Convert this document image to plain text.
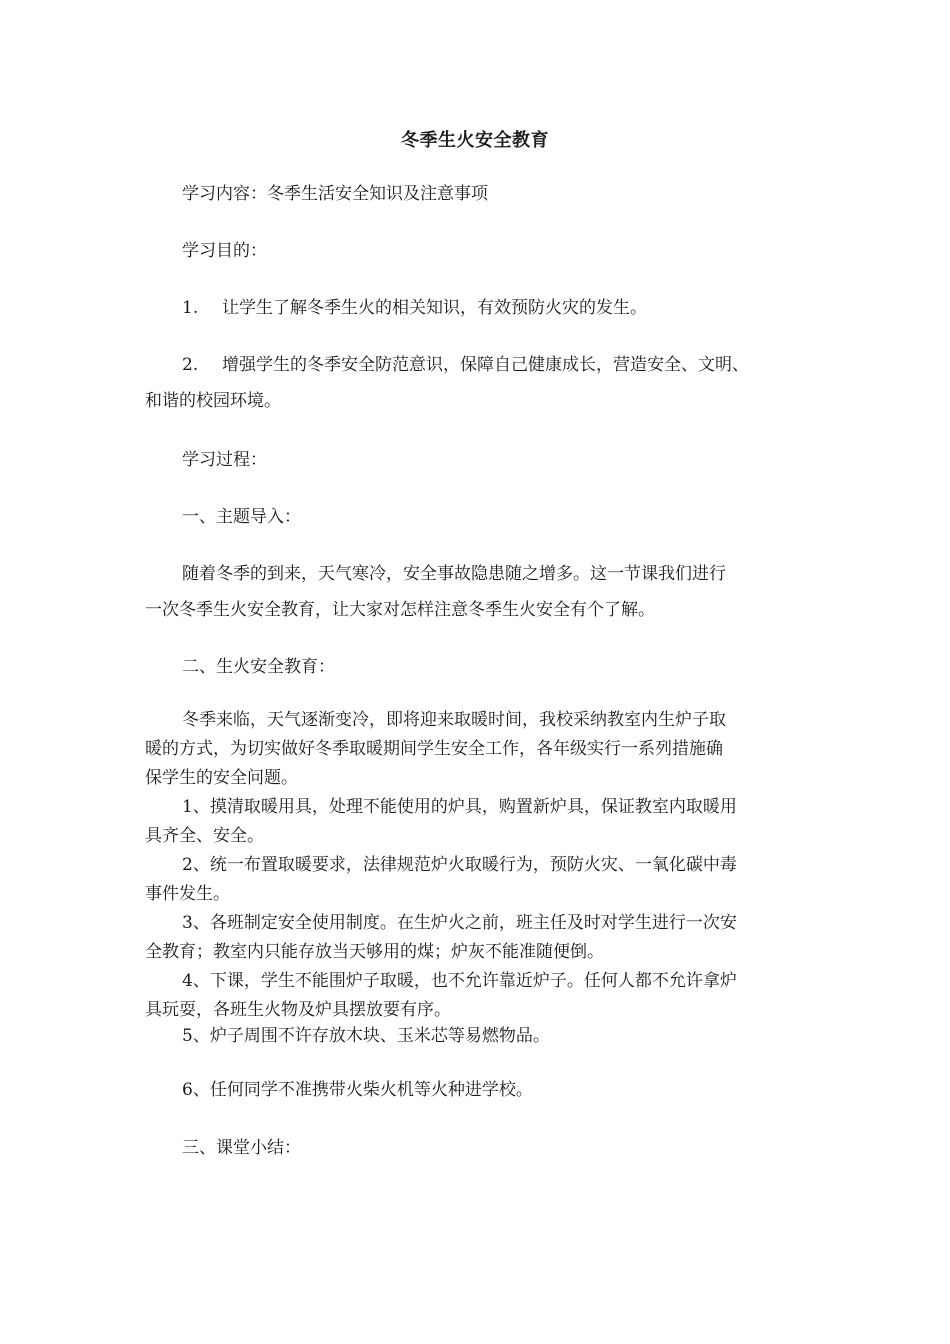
冬季生火安全教育
学习内容：冬季生活安全知识及注意事项
学习目的：
1. 让学生了解冬季生火的相关知识，有效预防火灾的发生。
2. 增强学生的冬季安全防范意识，保障自己健康成长，营造安全、文明、
和谐的校园环境。
学习过程：
一、主题导入：
随着冬季的到来，天气寒冷，安全事故隐患随之增多。这一节课我们进行
一次冬季生火安全教育，让大家对怎样注意冬季生火安全有个了解。
二、生火安全教育：
冬季来临，天气逐渐变冷，即将迎来取暖时间，我校采纳教室内生炉子取
暖的方式，为切实做好冬季取暖期间学生安全工作，各年级实行一系列措施确
保学生的安全问题。
1、摸清取暖用具，处理不能使用的炉具，购置新炉具，保证教室内取暖用
具齐全、安全。
2、统一布置取暖要求，法律规范炉火取暖行为，预防火灾、一氧化碳中毒
事件发生。
3、各班制定安全使用制度。在生炉火之前，班主任及时对学生进行一次安
全教育；教室内只能存放当天够用的煤；炉灰不能准随便倒。
4、下课，学生不能围炉子取暖，也不允许靠近炉子。任何人都不允许拿炉
具玩耍，各班生火物及炉具摆放要有序。
5、炉子周围不许存放木块、玉米芯等易燃物品。
6、任何同学不准携带火柴火机等火种进学校。
三、课堂小结：
